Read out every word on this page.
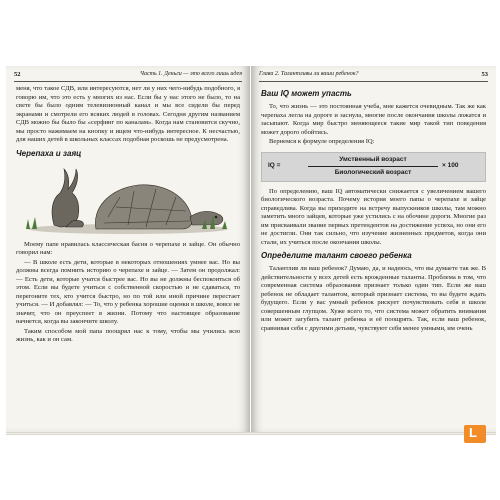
52	Часть 1. Деньги — это всего лишь идея

меня, что такое СДВ, или интересуются, нет ли у них чего-нибудь подобного, я говорю им, что это есть у многих из нас. Если бы у нас этого не было, то на свете бы было одним телевизионный канал и мы все сидели бы перед экранами и смотрели его всяких людей в головах. Сегодня другим названием СДВ можно бы было бы «серфинг по каналам». Когда нам становится скучно, мы просто нажимаем на кнопку и ищем что-нибудь интересное. К несчастью, для наших детей в школьных классах подобная роскошь не предусмотрена.

Черепаха и заяц

Моему папе нравилась классическая басня о черепахе и зайце. Он обычно говорил нам:

— В школе есть дети, которые в некоторых отношениях умнее вас. Но вы должны всегда помнить историю о черепахе и зайце. — Затем он продолжал: — Есть дети, которые учатся быстрее вас. Но вы не должны беспокоиться об этом. Если вы будете учиться с собственной скоростью и не сдаваться, то перегоните тех, кто учится быстро, но по той или иной причине перестает учиться. — И добавлял: — То, что у ребенка хорошие оценки в школе, вовсе не значит, что он преуспеет в жизни. Потому что настоящее образование начнется, когда вы закончите школу.

Таким способом мой папа поощрял нас к тому, чтобы мы учились всю жизнь, как и он сам.

Глава 2. Талантливы ли ваши ребенок?	53
Ваш IQ может упасть

То, что жизнь — это постоянная учеба, мне кажется очевидным. Так же как черепаха легла на дороге и заснула, многие после окончания школы ложатся и засыпают. Когда мир быстро меняющееся такие мир такой тип поведения может дорого обойтись.

Вернемся к формуле определения IQ:

IQ =
Умственный возраст
Биологический возраст
× 100

По определению, ваш IQ автоматически снижается с увеличением вашего биологического возраста. Почему история моего папы о черепахе и зайце справедлива. Когда вы приходите на встречу выпускников школы, там можно заметить много зайцев, которые уже устились с на обочине дороги. Многие раз им присваивали звание первых претендентов на достижение успеха, но они его не достигли. Они так сильно, что изучение жизненных предметов, когда они стали, их учиться после окончания школы.

Определите талант своего ребенка

Талантлив ли ваш ребенок? Думаю, да, и надеюсь, что вы думаете так же. В действительности у всех детей есть врожденные таланты. Проблема в том, что современная система образования признает только один тип. Если же ваш ребенок не обладает талантом, который признает система, то вы будете ждать будущего. Если у вас умный ребенок рискует почувствовать себя в школе совершенным глупцом. Хуже всего то, что система может обратить внимания или может загубить талант ребенка и её поощрять. Так, если ваш ребенок, сравнивая себя с другими детьми, чувствуют себя менее умными, им очень

L
